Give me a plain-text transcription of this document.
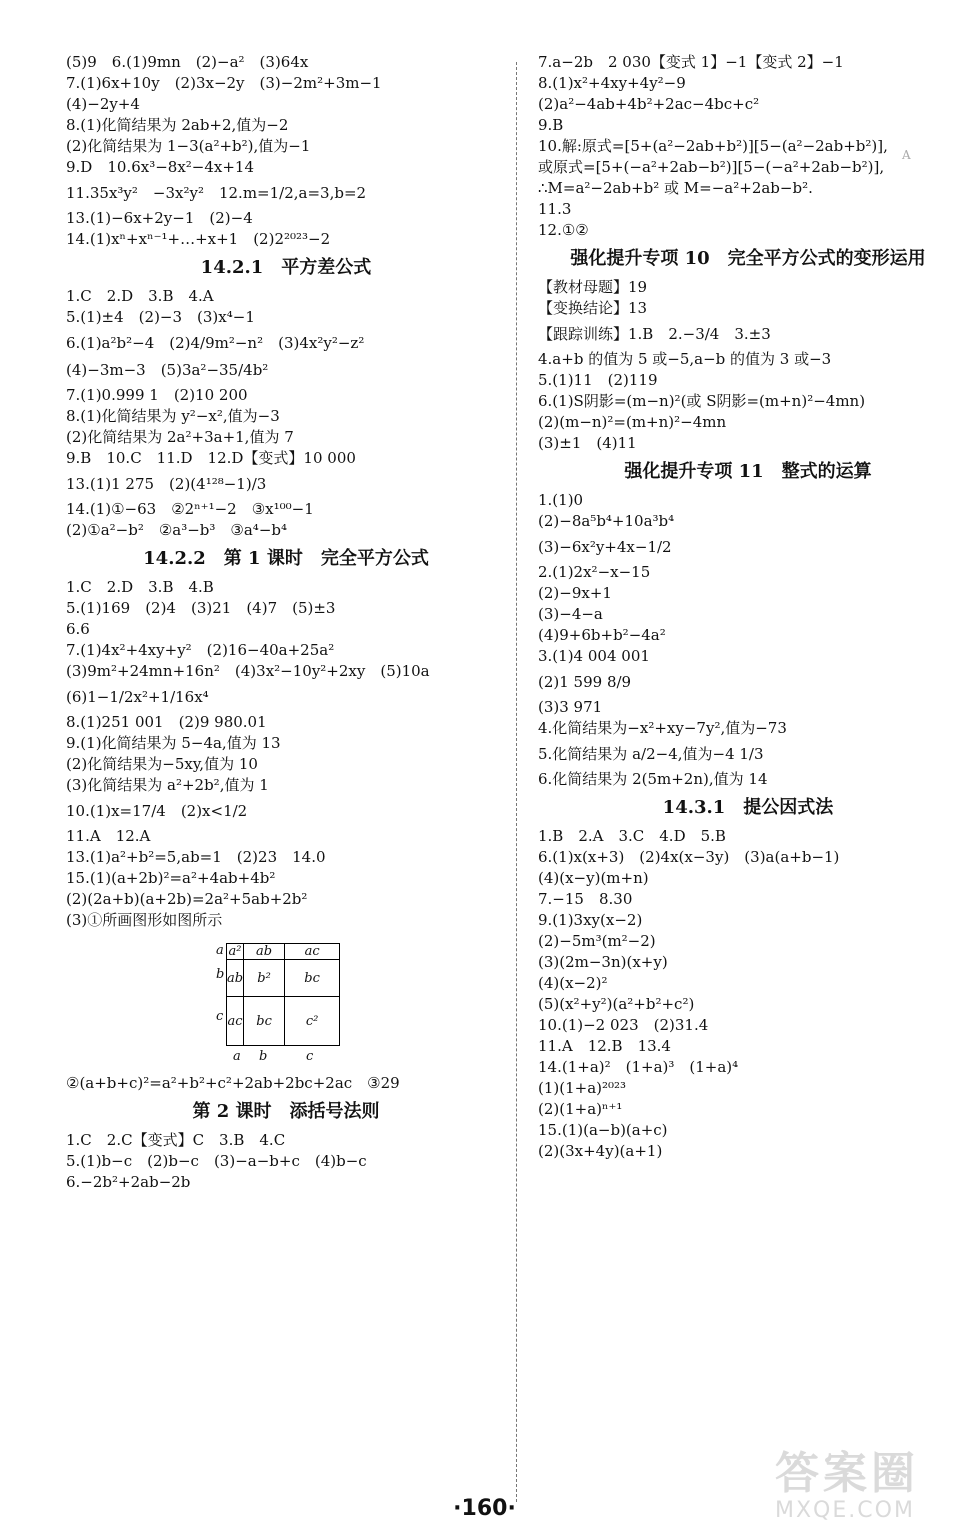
(5)9　6.(1)9mn　(2)−a²　(3)64x
7.(1)6x+10y　(2)3x−2y　(3)−2m²+3m−1
(4)−2y+4
8.(1)化简结果为 2ab+2,值为−2
(2)化简结果为 1−3(a²+b²),值为−1
9.D　10.6x³−8x²−4x+14
11.35x³y²　−3x²y²　12.m=1/2,a=3,b=2
13.(1)−6x+2y−1　(2)−4
14.(1)xⁿ+xⁿ⁻¹+…+x+1　(2)2²⁰²³−2
14.2.1　平方差公式
1.C　2.D　3.B　4.A
5.(1)±4　(2)−3　(3)x⁴−1
6.(1)a²b²−4　(2)4/9m²−n²　(3)4x²y²−z²
(4)−3m−3　(5)3a²−35/4b²
7.(1)0.999 1　(2)10 200
8.(1)化简结果为 y²−x²,值为−3
(2)化简结果为 2a²+3a+1,值为 7
9.B　10.C　11.D　12.D【变式】10 000
13.(1)1 275　(2)(4¹²⁸−1)/3
14.(1)①−63　②2ⁿ⁺¹−2　③x¹⁰⁰−1
(2)①a²−b²　②a³−b³　③a⁴−b⁴
14.2.2　第 1 课时　完全平方公式
1.C　2.D　3.B　4.B
5.(1)169　(2)4　(3)21　(4)7　(5)±3
6.6
7.(1)4x²+4xy+y²　(2)16−40a+25a²
(3)9m²+24mn+16n²　(4)3x²−10y²+2xy　(5)10a
(6)1−1/2x²+1/16x⁴
8.(1)251 001　(2)9 980.01
9.(1)化简结果为 5−4a,值为 13
(2)化简结果为−5xy,值为 10
(3)化简结果为 a²+2b²,值为 1
10.(1)x=17/4　(2)x<1/2
11.A　12.A
13.(1)a²+b²=5,ab=1　(2)23　14.0
15.(1)(a+2b)²=a²+4ab+4b²
(2)(2a+b)(a+2b)=2a²+5ab+2b²
(3)①所画图形如图所示
a²	ab	ac
ab	b²	bc
ac	bc	c²
a
b
c
a b	c
②(a+b+c)²=a²+b²+c²+2ab+2bc+2ac　③29
第 2 课时　添括号法则
1.C　2.C【变式】C　3.B　4.C
5.(1)b−c　(2)b−c　(3)−a−b+c　(4)b−c
6.−2b²+2ab−2b
7.a−2b　2 030【变式 1】−1【变式 2】−1
8.(1)x²+4xy+4y²−9
(2)a²−4ab+4b²+2ac−4bc+c²
9.B
10.解:原式=[5+(a²−2ab+b²)][5−(a²−2ab+b²)],
或原式=[5+(−a²+2ab−b²)][5−(−a²+2ab−b²)],
∴M=a²−2ab+b² 或 M=−a²+2ab−b².
11.3
12.①②
强化提升专项 10　完全平方公式的变形运用
【教材母题】19
【变换结论】13
【跟踪训练】1.B　2.−3/4　3.±3
4.a+b 的值为 5 或−5,a−b 的值为 3 或−3
5.(1)11　(2)119
6.(1)S阴影=(m−n)²(或 S阴影=(m+n)²−4mn)
(2)(m−n)²=(m+n)²−4mn
(3)±1　(4)11
强化提升专项 11　整式的运算
1.(1)0
(2)−8a⁵b⁴+10a³b⁴
(3)−6x²y+4x−1/2
2.(1)2x²−x−15
(2)−9x+1
(3)−4−a
(4)9+6b+b²−4a²
3.(1)4 004 001
(2)1 599 8/9
(3)3 971
4.化简结果为−x²+xy−7y²,值为−73
5.化简结果为 a/2−4,值为−4 1/3
6.化简结果为 2(5m+2n),值为 14
14.3.1　提公因式法
1.B　2.A　3.C　4.D　5.B
6.(1)x(x+3)　(2)4x(x−3y)　(3)a(a+b−1)
(4)(x−y)(m+n)
7.−15　8.30
9.(1)3xy(x−2)
(2)−5m³(m²−2)
(3)(2m−3n)(x+y)
(4)(x−2)²
(5)(x²+y²)(a²+b²+c²)
10.(1)−2 023　(2)31.4
11.A　12.B　13.4
14.(1+a)²　(1+a)³　(1+a)⁴
(1)(1+a)²⁰²³
(2)(1+a)ⁿ⁺¹
15.(1)(a−b)(a+c)
(2)(3x+4y)(a+1)
A
·160·
答案圈
MXQE.COM
